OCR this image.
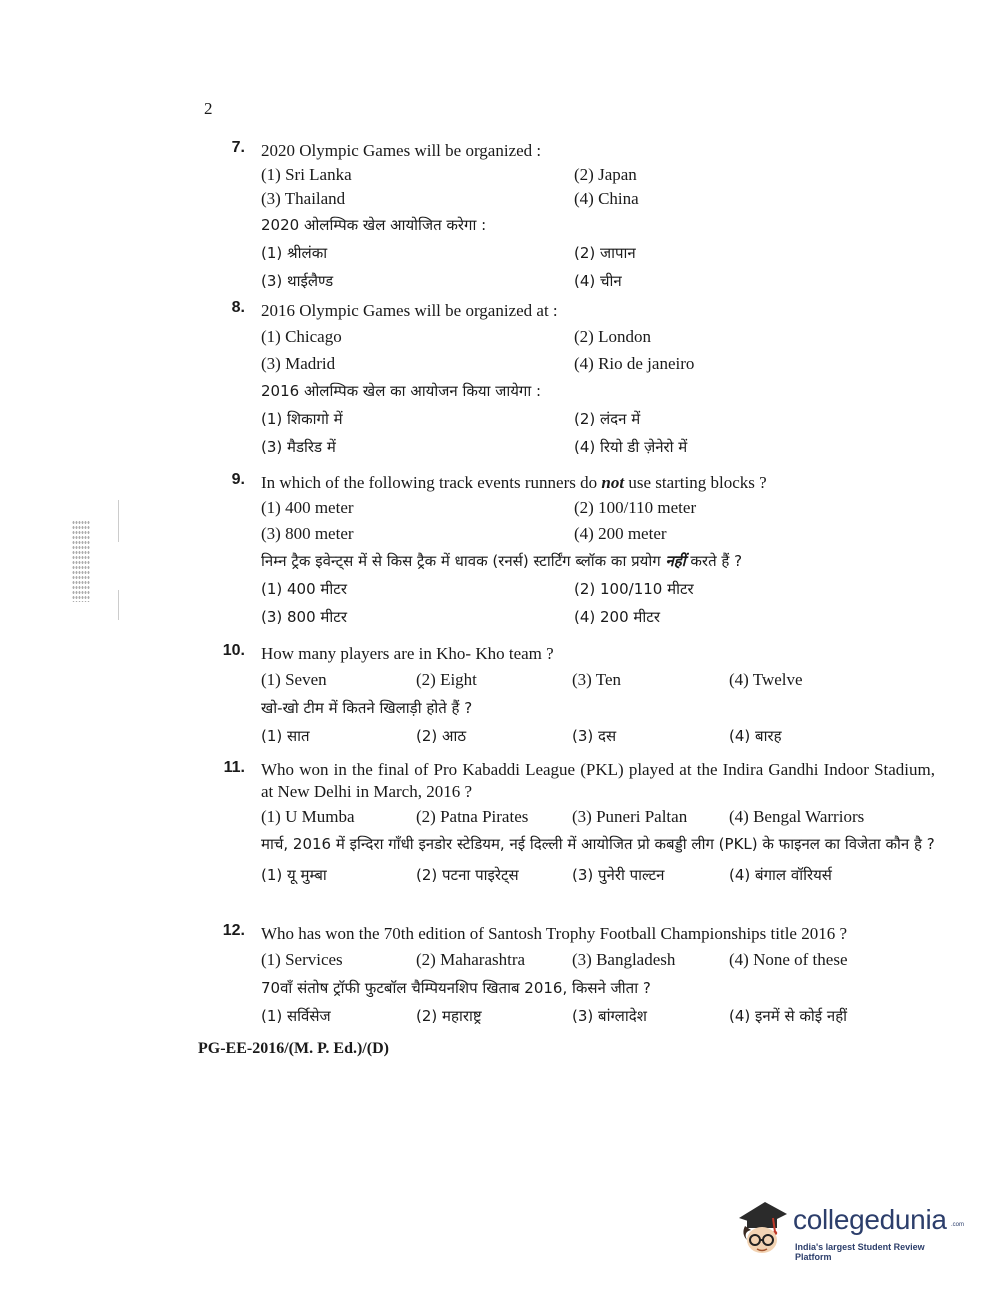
2
7. 2020 Olympic Games will be organized :
(1) Sri Lanka	(2) Japan
(3) Thailand	(4) China
2020 ओलम्पिक खेल आयोजित करेगा :
(1) श्रीलंका	(2) जापान
(3) थाईलैण्ड	(4) चीन
8. 2016 Olympic Games will be organized at :
(1) Chicago	(2) London
(3) Madrid	(4) Rio de janeiro
2016 ओलम्पिक खेल का आयोजन किया जायेगा :
(1) शिकागो में	(2) लंदन में
(3) मैडरिड में	(4) रियो डी ज़ेनेरो में
9. In which of the following track events runners do not use starting blocks ?
(1) 400 meter	(2) 100/110 meter
(3) 800 meter	(4) 200 meter
निम्न ट्रैक इवेन्ट्स में से किस ट्रैक में धावक (रनर्स) स्टार्टिंग ब्लॉक का प्रयोग नहीं करते हैं ?
(1) 400 मीटर	(2) 100/110 मीटर
(3) 800 मीटर	(4) 200 मीटर
10. How many players are in Kho- Kho team ?
(1) Seven	(2) Eight	(3) Ten	(4) Twelve
खो-खो टीम में कितने खिलाड़ी होते हैं ?
(1) सात	(2) आठ	(3) दस	(4) बारह
11. Who won in the final of Pro Kabaddi League (PKL) played at the Indira Gandhi Indoor Stadium, at New Delhi in March, 2016 ?
(1) U Mumba	(2) Patna Pirates	(3) Puneri Paltan (4) Bengal Warriors
मार्च, 2016 में इन्दिरा गाँधी इनडोर स्टेडियम, नई दिल्ली में आयोजित प्रो कबड्डी लीग (PKL) के फाइनल का विजेता कौन है ?
(1) यू मुम्बा	(2) पटना पाइरेट्स	(3) पुनेरी पाल्टन	(4) बंगाल वॉरियर्स
12. Who has won the 70th edition of Santosh Trophy Football Championships title 2016 ?
(1) Services	(2) Maharashtra	(3) Bangladesh	(4) None of these
70वाँ संतोष ट्रॉफी फुटबॉल चैम्पियनशिप खिताब 2016, किसने जीता ?
(1) सर्विसेज	(2) महाराष्ट्र	(3) बांग्लादेश	(4) इनमें से कोई नहीं
PG-EE-2016/(M. P. Ed.)/(D)
collegedunia .com
India's largest Student Review Platform
